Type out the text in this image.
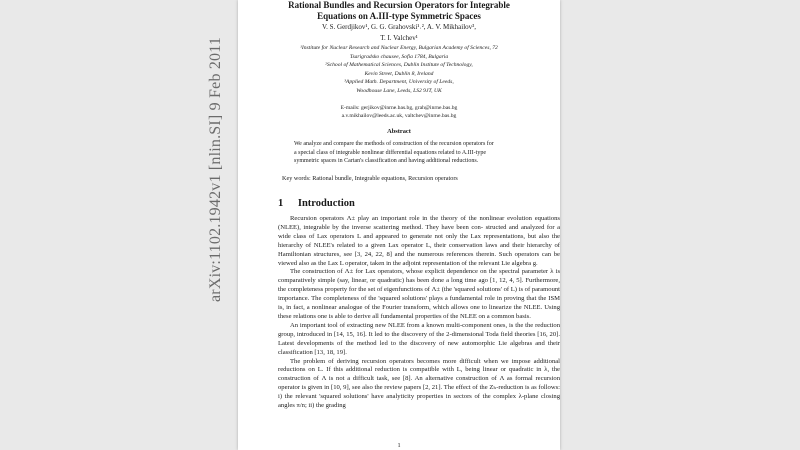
Rational Bundles and Recursion Operators for Integrable
Equations on A.III-type Symmetric Spaces
V. S. Gerdjikov¹, G. G. Grahovski¹˒², A. V. Mikhailov³,
T. I. Valchev¹
¹Institute for Nuclear Research and Nuclear Energy, Bulgarian Academy of Sciences, 72
Tsarigradsko chausee, Sofia 1784, Bulgaria
²School of Mathematical Sciences, Dublin Institute of Technology,
Kevin Street, Dublin 8, Ireland
³Applied Math. Department, University of Leeds,
Woodhouse Lane, Leeds, LS2 9JT, UK
E-mails: gerjikov@inrne.bas.bg, grah@inrne.bas.bg
a.v.mikhailov@leeds.ac.uk, valtchev@inrne.bas.bg
Abstract
We analyze and compare the methods of construction of the recursion operators for
a special class of integrable nonlinear differential equations related to A.III-type
symmetric spaces in Cartan's classification and having additional reductions.
Key words: Rational bundle, Integrable equations, Recursion operators
1 Introduction

Recursion operators Λ± play an important role in the theory of the nonlinear evolution equations (NLEE), integrable by the inverse scattering method. They have been con- structed and analyzed for a wide class of Lax operators L and appeared to generate not only the Lax representations, but also the hierarchy of NLEE's related to a given Lax operator L, their conservation laws and their hierarchy of Hamiltonian structures, see [3, 24, 22, 8] and the numerous references therein. Such operators can be viewed also as the Lax L operator, taken in the adjoint representation of the relevant Lie algebra g.

The construction of Λ± for Lax operators, whose explicit dependence on the spectral parameter λ is comparatively simple (say, linear, or quadratic) has been done a long time ago [1, 12, 4, 5]. Furthermore, the completeness property for the set of eigenfunctions of Λ± (the 'squared solutions' of L) is of paramount importance. The completeness of the 'squared solutions' plays a fundamental role in proving that the ISM is, in fact, a nonlinear analogue of the Fourier transform, which allows one to linearize the NLEE. Using these relations one is able to derive all fundamental properties of the NLEE on a common basis.

An important tool of extracting new NLEE from a known multi-component ones, is the the reduction group, introduced in [14, 15, 16]. It led to the discovery of the 2-dimensional Toda field theories [16, 20]. Latest developments of the method led to the discovery of new automorphic Lie algebras and their classification [13, 18, 19].

The problem of deriving recursion operators becomes more difficult when we impose additional reductions on L. If this additional reduction is compatible with L, being linear or quadratic in λ, the construction of Λ is not a difficult task, see [8]. An alternative construction of Λ as formal recursion operator is given in [10, 9], see also the review papers [2, 21]. The effect of the Zₕ-reduction is as follows: i) the relevant 'squared solutions' have analyticity properties in sectors of the complex λ-plane closing angles π/n; ii) the grading

1
arXiv:1102.1942v1 [nlin.SI] 9 Feb 2011
